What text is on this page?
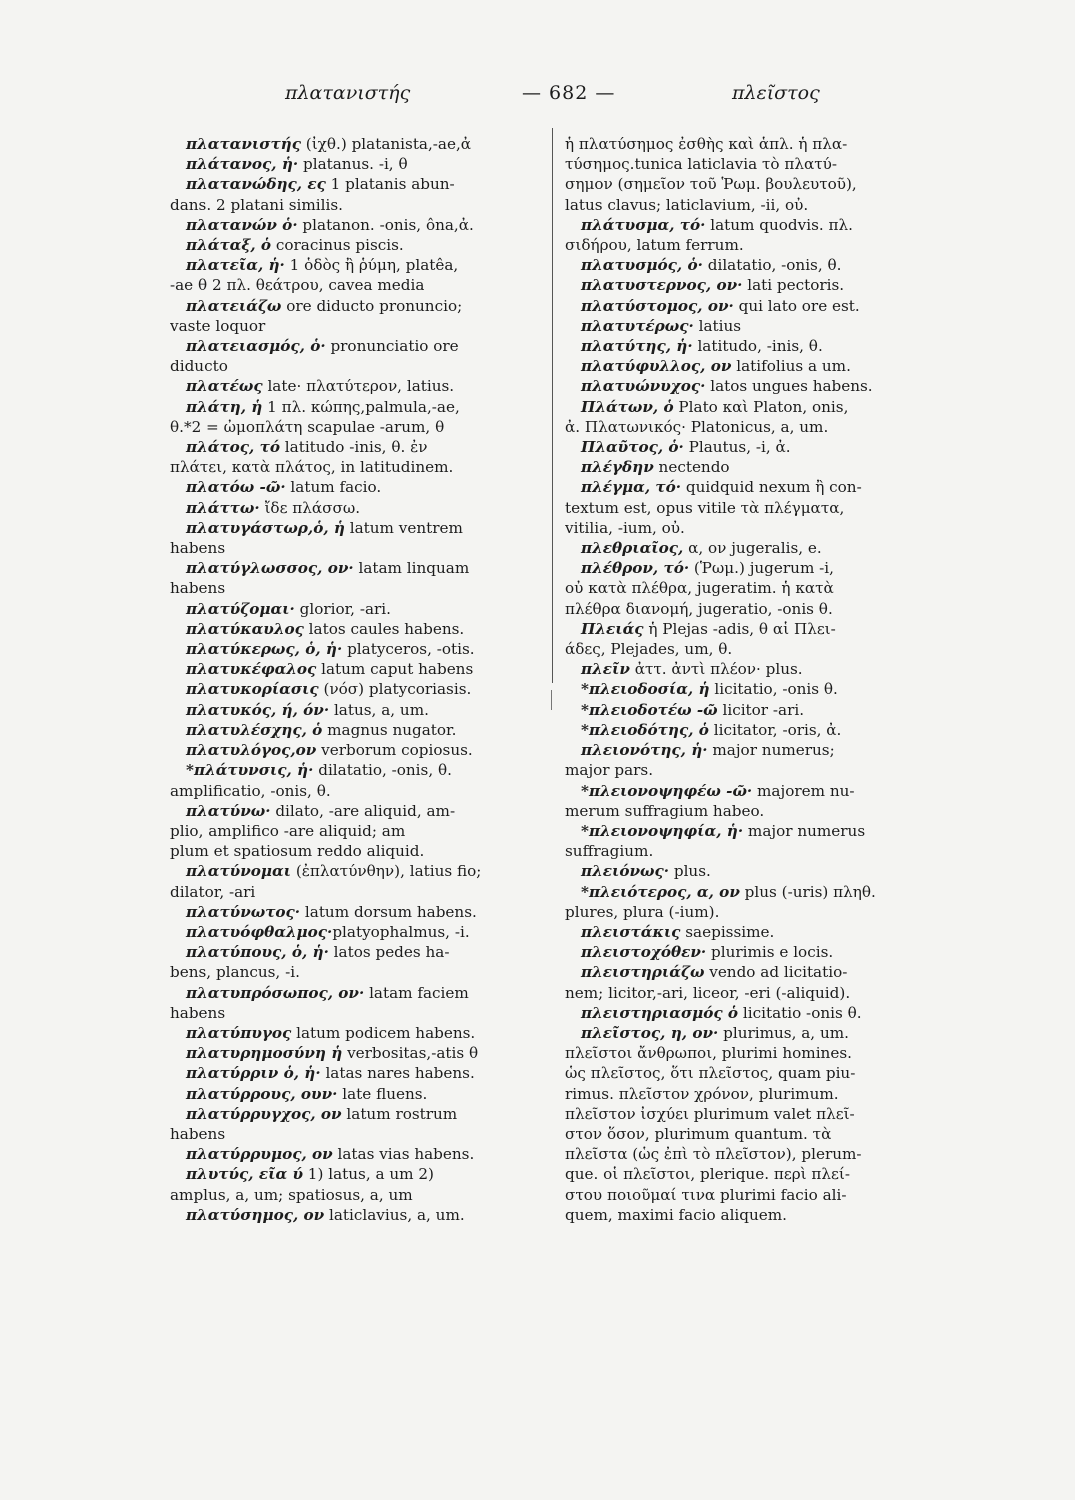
πλατανιστής	— 682 —	πλεῖστος
πλατανιστής (ἰχθ.) platanista,-ae,ἀ
πλάτανος, ἡ· platanus. -i, θ
πλατανώδης, ες 1 platanis abun-
dans. 2 platani similis.
πλατανών ὁ· platanon. -onis, ôna,ἀ.
πλάταξ, ὁ coracinus piscis.
πλατεῖα, ἡ· 1 ὁδὸς ἢ ῥύμη, platêa,
-ae θ 2 πλ. θεάτρου, cavea media
πλατειάζω ore diducto pronuncio;
vaste loquor
πλατειασμός, ὁ· pronunciatio ore
diducto
πλατέως late· πλατύτερον, latius.
πλάτη, ἡ 1 πλ. κώπης,palmula,-ae,
θ.*2 = ὠμοπλάτη scapulae -arum, θ
πλάτος, τό latitudo -inis, θ. ἐν
πλάτει, κατὰ πλάτος, in latitudinem.
πλατόω -ῶ· latum facio.
πλάττω· ἴδε πλάσσω.
πλατυγάστωρ,ὁ, ἡ latum ventrem
habens
πλατύγλωσσος, ον· latam linquam
habens
πλατύζομαι· glorior, -ari.
πλατύκαυλος latos caules habens.
πλατύκερως, ὁ, ἡ· platyceros, -otis.
πλατυκέφαλος latum caput habens
πλατυκορίασις (νόσ) platycoriasis.
πλατυκός, ή, όν· latus, a, um.
πλατυλέσχης, ὁ magnus nugator.
πλατυλόγος,ον verborum copiosus.
*πλάτυνσις, ἡ· dilatatio, -onis, θ.
amplificatio, -onis, θ.
πλατύνω· dilato, -are aliquid, am-
plio, amplifico -are aliquid; am
plum et spatiosum reddo aliquid.
πλατύνομαι (ἐπλατύνθην), latius fio;
dilator, -ari
πλατύνωτος· latum dorsum habens.
πλατυόφθαλμος·platyophalmus, -i.
πλατύπους, ὁ, ἡ· latos pedes ha-
bens, plancus, -i.
πλατυπρόσωπος, ον· latam faciem
habens
πλατύπυγος latum podicem habens.
πλατυρημοσύνη ἡ verbositas,-atis θ
πλατύρριν ὁ, ἡ· latas nares habens.
πλατύρρους, ουν· late fluens.
πλατύρρυγχος, ον latum rostrum
habens
πλατύρρυμος, ον latas vias habens.
πλυτύς, εῖα ύ 1) latus, a um 2)
amplus, a, um; spatiosus, a, um
πλατύσημος, ον laticlavius, a, um.
ἡ πλατύσημος ἐσθὴς καὶ ἁπλ. ἡ πλα-
τύσημος.tunica laticlavia τὸ πλατύ-
σημον (σημεῖον τοῦ Ῥωμ. βουλευτοῦ),
latus clavus; laticlavium, -ii, οὐ.
πλάτυσμα, τό· latum quodvis. πλ.
σιδήρου, latum ferrum.
πλατυσμός, ὁ· dilatatio, -onis, θ.
πλατυστερνος, ον· lati pectoris.
πλατύστομος, ον· qui lato ore est.
πλατυτέρως· latius
πλατύτης, ἡ· latitudo, -inis, θ.
πλατύφυλλος, ον latifolius a um.
πλατυώνυχος· latos ungues habens.
Πλάτων, ὁ Plato καὶ Platon, onis,
ἀ. Πλατωνικός· Platonicus, a, um.
Πλαῦτος, ὁ· Plautus, -i, ἀ.
πλέγδην nectendo
πλέγμα, τό· quidquid nexum ἢ con-
textum est, opus vitile τὰ πλέγματα,
vitilia, -ium, οὐ.
πλεθριαῖος, α, ον jugeralis, e.
πλέθρον, τό· (Ῥωμ.) jugerum -i,
οὐ κατὰ πλέθρα, jugeratim. ἡ κατὰ
πλέθρα διανομή, jugeratio, -onis θ.
Πλειάς ἡ Plejas -adis, θ αἱ Πλει-
άδες, Plejades, um, θ.
πλεῖν ἀττ. ἀντὶ πλέον· plus.
*πλειοδοσία, ἡ licitatio, -onis θ.
*πλειοδοτέω -ῶ licitor -ari.
*πλειοδότης, ὁ licitator, -oris, ἀ.
πλειονότης, ἡ· major numerus;
major pars.
*πλειονοψηφέω -ῶ· majorem nu-
merum suffragium habeo.
*πλειονοψηφία, ἡ· major numerus
suffragium.
πλειόνως· plus.
*πλειότερος, α, ον plus (-uris) πληθ.
plures, plura (-ium).
πλειστάκις saepissime.
πλειστοχόθεν· plurimis e locis.
πλειστηριάζω vendo ad licitatio-
nem; licitor,-ari, liceor, -eri (-aliquid).
πλειστηριασμός ὁ licitatio -onis θ.
πλεῖστος, η, ον· plurimus, a, um.
πλεῖστοι ἄνθρωποι, plurimi homines.
ὡς πλεῖστος, ὅτι πλεῖστος, quam piu-
rimus. πλεῖστον χρόνον, plurimum.
πλεῖστον ἰσχύει plurimum valet πλεῖ-
στον ὅσον, plurimum quantum. τὰ
πλεῖστα (ὡς ἐπὶ τὸ πλεῖστον), plerum-
que. οἱ πλεῖστοι, plerique. περὶ πλεί-
στου ποιοῦμαί τινα plurimi facio ali-
quem, maximi facio aliquem.
